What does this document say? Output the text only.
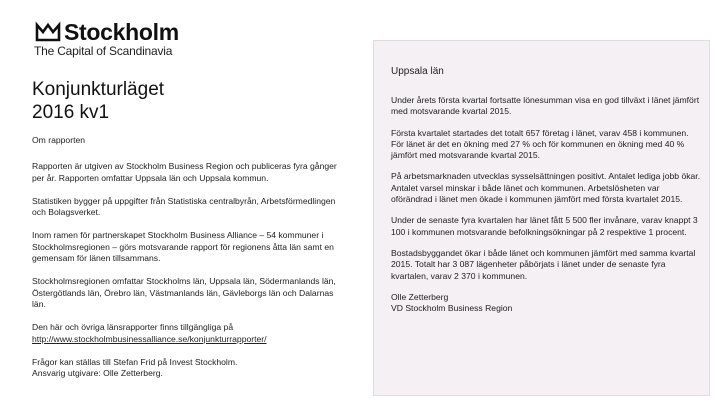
Stockholm
The Capital of Scandinavia
Konjunkturläget
2016 kv1

Om rapporten

Rapporten är utgiven av Stockholm Business Region och publiceras fyra gånger per år. Rapporten omfattar Uppsala län och Uppsala kommun.

Statistiken bygger på uppgifter från Statistiska centralbyrån, Arbetsförmedlingen och Bolagsverket.

Inom ramen för partnerskapet Stockholm Business Alliance – 54 kommuner i Stockholmsregionen – görs motsvarande rapport för regionens åtta län samt en gemensam för länen tillsammans.

Stockholmsregionen omfattar Stockholms län, Uppsala län, Södermanlands län, Östergötlands län, Örebro län, Västmanlands län, Gävleborgs län och Dalarnas län.

Den här och övriga länsrapporter finns tillgängliga på
http://www.stockholmbusinessalliance.se/konjunkturrapporter/

Frågor kan ställas till Stefan Frid på Invest Stockholm.
Ansvarig utgivare: Olle Zetterberg.

Uppsala län

Under årets första kvartal fortsatte lönesumman visa en god tillväxt i länet jämfört med motsvarande kvartal 2015.

Första kvartalet startades det totalt 657 företag i länet, varav 458 i kommunen. För länet är det en ökning med 27 % och för kommunen en ökning med 40 % jämfört med motsvarande kvartal 2015.

På arbetsmarknaden utvecklas sysselsättningen positivt. Antalet lediga jobb ökar. Antalet varsel minskar i både länet och kommunen. Arbetslösheten var oförändrad i länet men ökade i kommunen jämfört med första kvartalet 2015.

Under de senaste fyra kvartalen har länet fått 5 500 fler invånare, varav knappt 3 100 i kommunen motsvarande befolkningsökningar på 2 respektive 1 procent.

Bostadsbyggandet ökar i både länet och kommunen jämfört med samma kvartal 2015. Totalt har 3 087 lägenheter påbörjats i länet under de senaste fyra kvartalen, varav 2 370 i kommunen.

Olle Zetterberg
VD Stockholm Business Region
